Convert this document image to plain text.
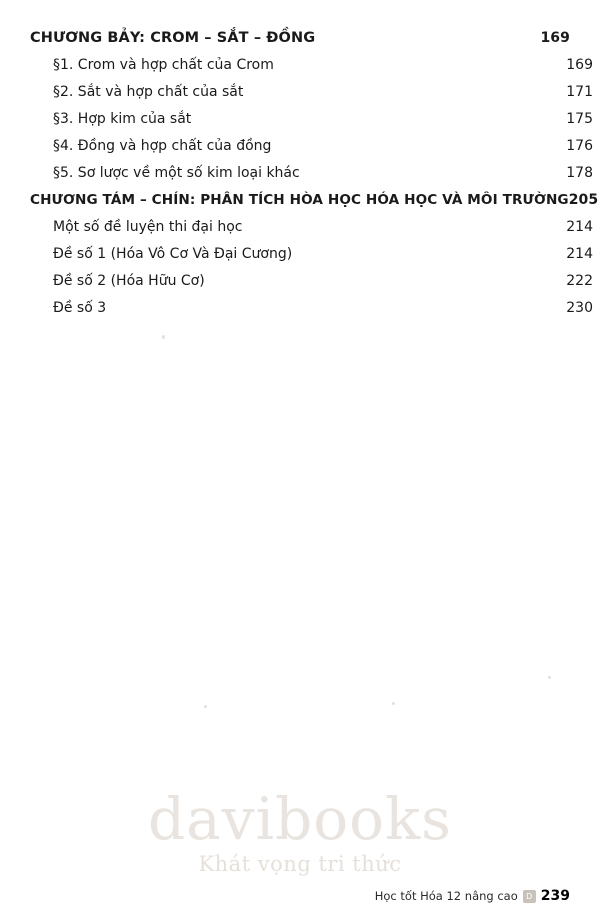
CHƯƠNG BẢY: CROM – SẮT – ĐỒNG	169
§1. Crom và hợp chất của Crom	169
§2. Sắt và hợp chất của sắt	171
§3. Hợp kim của sắt	175
§4. Đồng và hợp chất của đồng	176
§5. Sơ lược về một số kim loại khác	178
CHƯƠNG TÁM – CHÍN: PHÂN TÍCH HÒA HỌC HÓA HỌC VÀ MÔI TRƯỜNG 205
Một số đề luyện thi đại học	214
Đề số 1 (Hóa Vô Cơ Và Đại Cương)	214
Đề số 2 (Hóa Hữu Cơ)	222
Đề số 3	230
davibooks
Khát vọng tri thức
Học tốt Hóa 12 nâng cao	D 239
